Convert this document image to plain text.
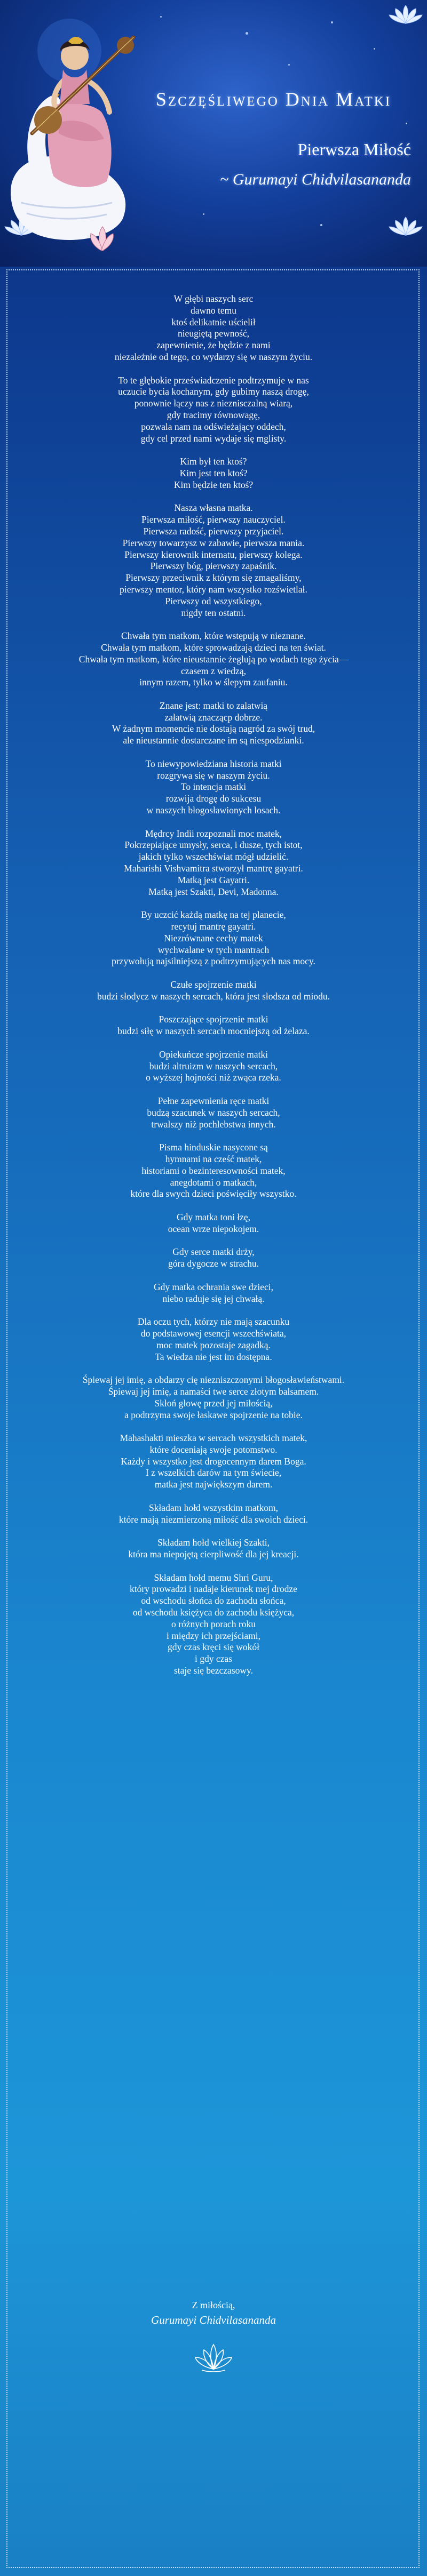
Szczęśliwego Dnia Matki
Pierwsza Miłość
~ Gurumayi Chidvilasananda
W głębi naszych serc
dawno temu
ktoś delikatnie uścielił
nieugiętą pewność,
zapewnienie, że będzie z nami
niezależnie od tego, co wydarzy się w naszym życiu.
To te głębokie przeświadczenie podtrzymuje w nas
uczucie bycia kochanym, gdy gubimy naszą drogę,
ponownie łączy nas z nieznisczalną wiarą,
gdy tracimy równowagę,
pozwala nam na odświeżający oddech,
gdy cel przed nami wydaje się mglisty.
Kim był ten ktoś?
Kim jest ten ktoś?
Kim będzie ten ktoś?
Nasza własna matka.
Pierwsza miłość, pierwszy nauczyciel.
Pierwsza radość, pierwszy przyjaciel.
Pierwszy towarzysz w zabawie, pierwsza mania.
Pierwszy kierownik internatu, pierwszy kolega.
Pierwszy bóg, pierwszy zapaśnik.
Pierwszy przeciwnik z którym się zmagaliśmy,
pierwszy mentor, który nam wszystko rozświetlał.
Pierwszy od wszystkiego,
nigdy ten ostatni.
Chwała tym matkom, które wstępują w nieznane.
Chwała tym matkom, które sprowadzają dzieci na ten świat.
Chwała tym matkom, które nieustannie żeglują po wodach tego życia—
czasem z wiedzą,
innym razem, tylko w ślepym zaufaniu.
Znane jest: matki to zalatwią
załatwią znaczącp dobrze.
W żadnym momencie nie dostają nagród za swój trud,
ale nieustannie dostarczane im są niespodzianki.
To niewypowiedziana historia matki
rozgrywa się w naszym życiu.
To intencja matki
rozwija drogę do sukcesu
w naszych błogosławionych losach.
Mędrcy Indii rozpoznali moc matek,
Pokrzepiające umysły, serca, i dusze, tych istot,
jakich tylko wszechświat mógł udzielić.
Maharishi Vishvamitra stworzył mantrę gayatri.
Matką jest Gayatri.
Matką jest Szakti, Devi, Madonna.
By uczcić każdą matkę na tej planecie,
recytuj mantrę gayatri.
Niezrównane cechy matek
wychwalane w tych mantrach
przywołują najsilniejszą z podtrzymujących nas mocy.
Czułe spojrzenie matki
budzi słodycz w naszych sercach, która jest słodsza od miodu.
Poszczające spojrzenie matki
budzi siłę w naszych sercach mocniejszą od żelaza.
Opiekuńcze spojrzenie matki
budzi altruizm w naszych sercach,
o wyższej hojności niż zwąca rzeka.
Pełne zapewnienia ręce matki
budzą szacunek w naszych sercach,
trwalszy niż pochlebstwa innych.
Pisma hinduskie nasycone są
hymnami na cześć matek,
historiami o bezinteresowności matek,
anegdotami o matkach,
które dla swych dzieci poświęciły wszystko.
Gdy matka toni łzę,
ocean wrze niepokojem.
Gdy serce matki drży,
góra dygocze w strachu.
Gdy matka ochrania swe dzieci,
niebo raduje się jej chwałą.
Dla oczu tych, którzy nie mają szacunku
do podstawowej esencji wszechświata,
moc matek pozostaje zagadką.
Ta wiedza nie jest im dostępna.
Śpiewaj jej imię, a obdarzy cię niezniszczonymi błogosławieństwami.
Śpiewaj jej imię, a namaści twe serce złotym balsamem.
Skłoń głowę przed jej miłością,
a podtrzyma swoje łaskawe spojrzenie na tobie.
Mahashakti mieszka w sercach wszystkich matek,
które doceniają swoje potomstwo.
Każdy i wszystko jest drogocennym darem Boga.
I z wszelkich darów na tym świecie,
matka jest największym darem.
Składam hołd wszystkim matkom,
które mają niezmierzoną miłość dla swoich dzieci.
Składam hołd wielkiej Szakti,
która ma niepojętą cierpliwość dla jej kreacji.
Składam hołd memu Shri Guru,
który prowadzi i nadaje kierunek mej drodze
od wschodu słońca do zachodu słońca,
od wschodu księżyca do zachodu księżyca,
o różnych porach roku
i między ich przejściami,
gdy czas kręci się wokół
i gdy czas
staje się bezczasowy.
Z miłością,
Gurumayi Chidvilasananda
